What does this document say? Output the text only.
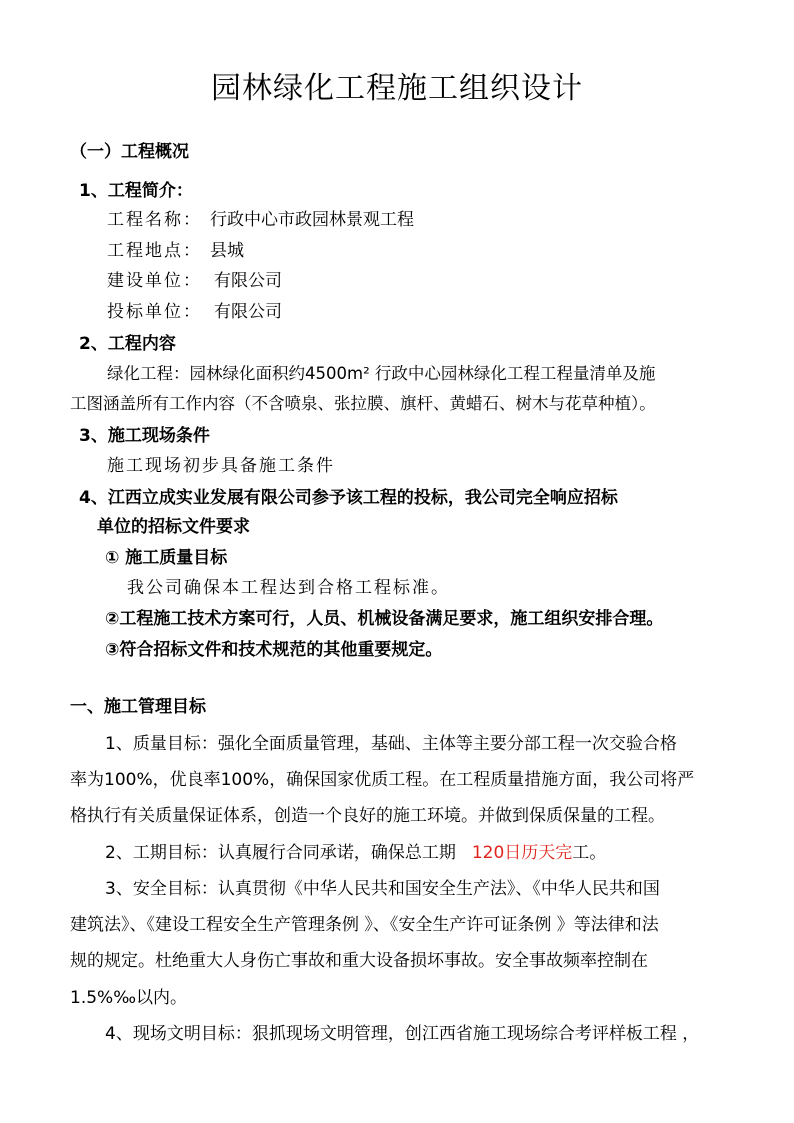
园林绿化工程施工组织设计
（一）工程概况
1、工程简介：
工程名称： 行政中心市政园林景观工程
工程地点： 县城
建设单位： 有限公司
投标单位： 有限公司
2、工程内容
绿化工程：园林绿化面积约4500m² 行政中心园林绿化工程工程量清单及施
工图涵盖所有工作内容（不含喷泉、张拉膜、旗杆、黄蜡石、树木与花草种植）。
3、施工现场条件
施工现场初步具备施工条件
4、江西立成实业发展有限公司参予该工程的投标，我公司完全响应招标
单位的招标文件要求
① 施工质量目标
我公司确保本工程达到合格工程标准。
②工程施工技术方案可行，人员、机械设备满足要求，施工组织安排合理。
③符合招标文件和技术规范的其他重要规定。
一、施工管理目标
1、质量目标：强化全面质量管理，基础、主体等主要分部工程一次交验合格
率为100%，优良率100%，确保国家优质工程。在工程质量措施方面，我公司将严
格执行有关质量保证体系，创造一个良好的施工环境。并做到保质保量的工程。
2、工期目标：认真履行合同承诺，确保总工期 120日历天完工。
3、安全目标：认真贯彻《中华人民共和国安全生产法》、《中华人民共和国
建筑法》、《建设工程安全生产管理条例 》、《安全生产许可证条例 》等法律和法
规的规定。杜绝重大人身伤亡事故和重大设备损坏事故。安全事故频率控制在
1.5%‰以内。
4、现场文明目标：狠抓现场文明管理，创江西省施工现场综合考评样板工程 ，
